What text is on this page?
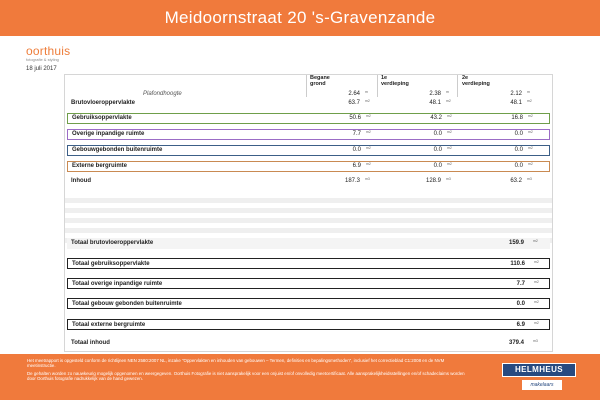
Meidoornstraat 20 's-Gravenzande
oorthuis
fotografie & styling
18 juli 2017
Begane
grond
1e
verdieping
2e
verdieping
Plafondhoogte	2.64 m	2.38 m	2.12 m
Brutovloeroppervlakte	63.7 m2	48.1 m2	48.1 m2
Gebruiksoppervlakte	50.6 m2	43.2 m2	16.8 m2
Overige inpandige ruimte	7.7 m2	0.0 m2	0.0 m2
Gebouwgebonden buitenruimte	0.0 m2	0.0 m2	0.0 m2
Externe bergruimte	6.9 m2	0.0 m2	0.0 m2
Inhoud	187.3 m3	128.9 m3	63.2 m3
Totaal brutovloeroppervlakte	159.9	m2
Totaal gebruiksoppervlakte	110.6	m2
Totaal overige inpandige ruimte	7.7	m2
Totaal gebouw gebonden buitenruimte	0.0	m2
Totaal externe bergruimte	6.9	m2
Totaal inhoud	379.4	m3

Het meetrapport is opgesteld conform de richtlijnen NEN 2580:2007 NL, inzake "Oppervlakten en inhouden van gebouwen – Termen, definities en bepalingsmethoden", inclusief het correctieblad C1:2008 en de NVM meetinstructie.

De gehalten worden zo nauwkeurig mogelijk opgenomen en weergegeven. Oorthuis Fotografie is niet aansprakelijk voor een onjuist en/of onvolledig meetcertificaat. Alle aansprakelijkheidsstellingen en/of schadeclaims worden door Oorthuis fotografie nadrukkelijk van de hand gewezen.

HELMHEUS
makelaars
